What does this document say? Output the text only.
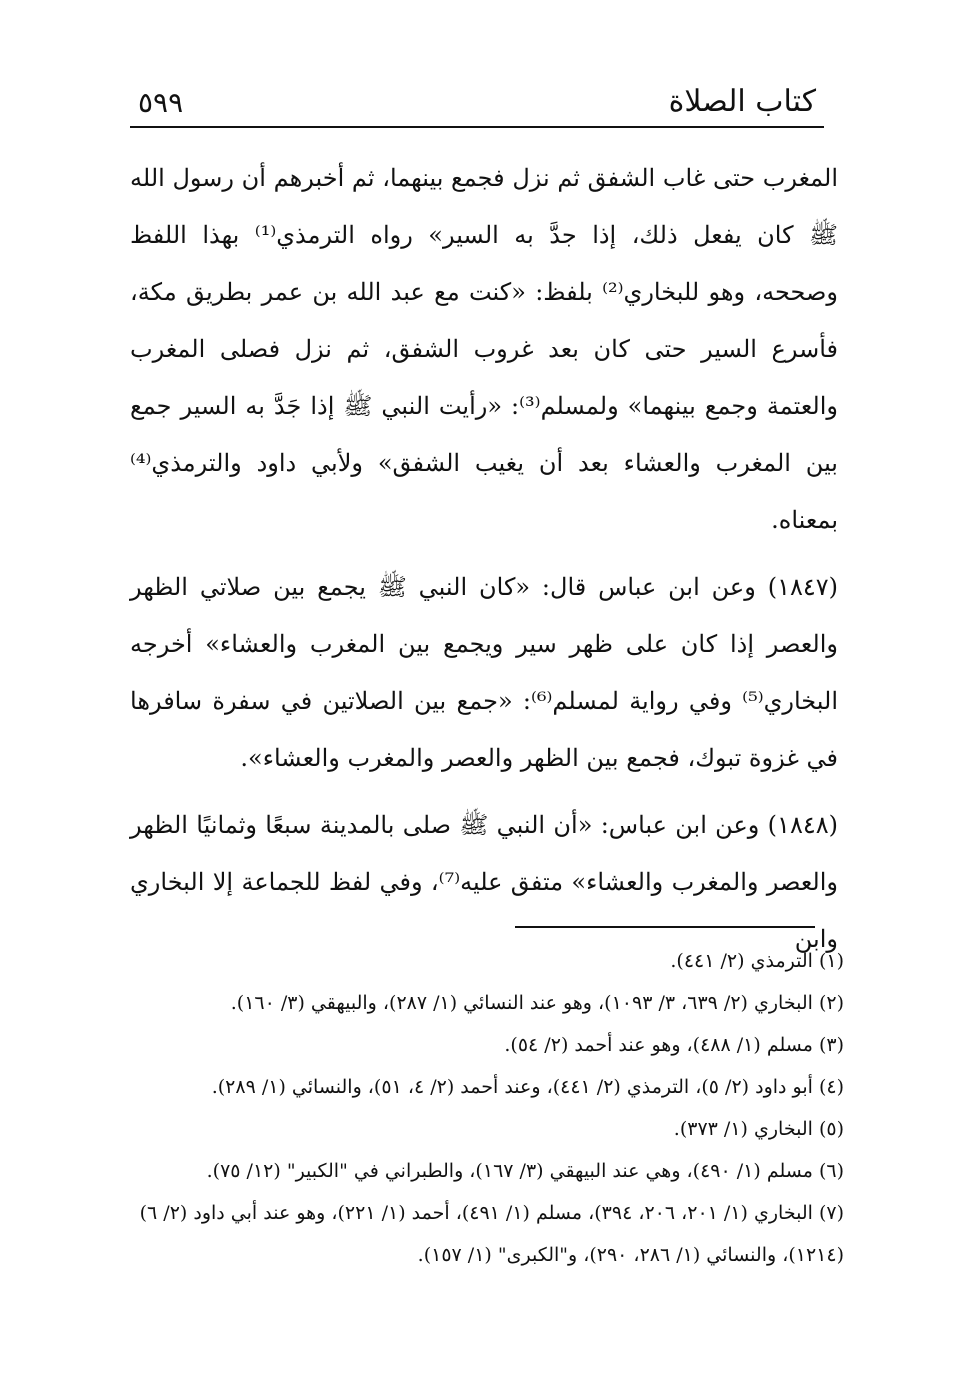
كتاب الصلاة
٥٩٩

المغرب حتى غاب الشفق ثم نزل فجمع بينهما، ثم أخبرهم أن رسول الله ﷺ كان يفعل ذلك، إذا جدَّ به السير» رواه الترمذي⁽¹⁾ بهذا اللفظ وصححه، وهو للبخاري⁽²⁾ بلفظ: «كنت مع عبد الله بن عمر بطريق مكة، فأسرع السير حتى كان بعد غروب الشفق، ثم نزل فصلى المغرب والعتمة وجمع بينهما» ولمسلم⁽³⁾: «رأيت النبي ﷺ إذا جَدَّ به السير جمع بين المغرب والعشاء بعد أن يغيب الشفق» ولأبي داود والترمذي⁽⁴⁾ بمعناه.

(١٨٤٧) وعن ابن عباس قال: «كان النبي ﷺ يجمع بين صلاتي الظهر والعصر إذا كان على ظهر سير ويجمع بين المغرب والعشاء» أخرجه البخاري⁽⁵⁾ وفي رواية لمسلم⁽⁶⁾: «جمع بين الصلاتين في سفرة سافرها في غزوة تبوك، فجمع بين الظهر والعصر والمغرب والعشاء».

(١٨٤٨) وعن ابن عباس: «أن النبي ﷺ صلى بالمدينة سبعًا وثمانيًا الظهر والعصر والمغرب والعشاء» متفق عليه⁽⁷⁾، وفي لفظ للجماعة إلا البخاري وابن

(١) الترمذي (٢/ ٤٤١).

(٢) البخاري (٢/ ٦٣٩، ٣/ ١٠٩٣)، وهو عند النسائي (١/ ٢٨٧)، والبيهقي (٣/ ١٦٠).

(٣) مسلم (١/ ٤٨٨)، وهو عند أحمد (٢/ ٥٤).

(٤) أبو داود (٢/ ٥)، الترمذي (٢/ ٤٤١)، وعند أحمد (٢/ ٤، ٥١)، والنسائي (١/ ٢٨٩).

(٥) البخاري (١/ ٣٧٣).

(٦) مسلم (١/ ٤٩٠)، وهي عند البيهقي (٣/ ١٦٧)، والطبراني في "الكبير" (١٢/ ٧٥).

(٧) البخاري (١/ ٢٠١، ٢٠٦، ٣٩٤)، مسلم (١/ ٤٩١)، أحمد (١/ ٢٢١)، وهو عند أبي داود (٢/ ٦) (١٢١٤)، والنسائي (١/ ٢٨٦، ٢٩٠)، و"الكبرى" (١/ ١٥٧).
